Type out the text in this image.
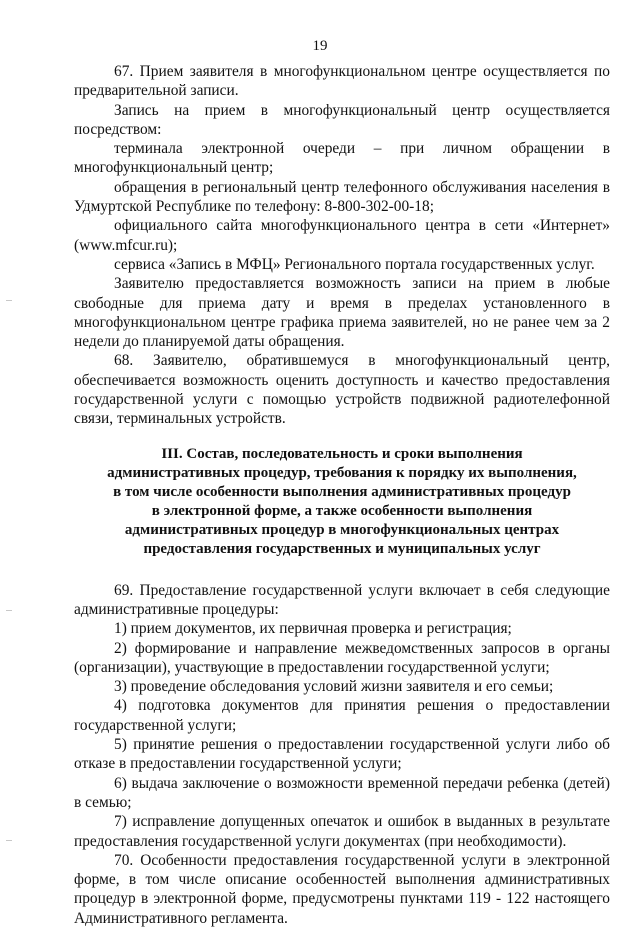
19

67. Прием заявителя в многофункциональном центре осуществляется по предварительной записи.

Запись на прием в многофункциональный центр осуществляется посредством:

терминала электронной очереди – при личном обращении в многофункциональный центр;

обращения в региональный центр телефонного обслуживания населения в Удмуртской Республике по телефону: 8-800-302-00-18;

официального сайта многофункционального центра в сети «Интернет» (www.mfcur.ru);

сервиса «Запись в МФЦ» Регионального портала государственных услуг.

Заявителю предоставляется возможность записи на прием в любые свободные для приема дату и время в пределах установленного в многофункциональном центре графика приема заявителей, но не ранее чем за 2 недели до планируемой даты обращения.

68. Заявителю, обратившемуся в многофункциональный центр, обеспечивается возможность оценить доступность и качество предоставления государственной услуги с помощью устройств подвижной радиотелефонной связи, терминальных устройств.

III. Состав, последовательность и сроки выполнения
административных процедур, требования к порядку их выполнения,
в том числе особенности выполнения административных процедур
в электронной форме, а также особенности выполнения
административных процедур в многофункциональных центрах
предоставления государственных и муниципальных услуг

69. Предоставление государственной услуги включает в себя следующие административные процедуры:

1) прием документов, их первичная проверка и регистрация;

2) формирование и направление межведомственных запросов в органы (организации), участвующие в предоставлении государственной услуги;

3) проведение обследования условий жизни заявителя и его семьи;

4) подготовка документов для принятия решения о предоставлении государственной услуги;

5) принятие решения о предоставлении государственной услуги либо об отказе в предоставлении государственной услуги;

6) выдача заключение о возможности временной передачи ребенка (детей) в семью;

7) исправление допущенных опечаток и ошибок в выданных в результате предоставления государственной услуги документах (при необходимости).

70. Особенности предоставления государственной услуги в электронной форме, в том числе описание особенностей выполнения административных процедур в электронной форме, предусмотрены пунктами 119 - 122 настоящего Административного регламента.
